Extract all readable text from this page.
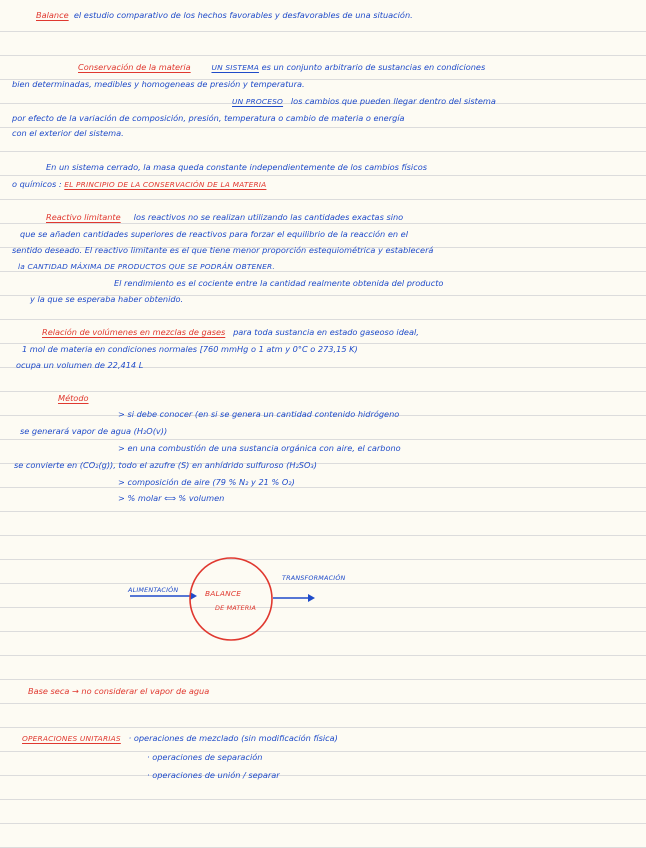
Balance el estudio comparativo de los hechos favorables y desfavorables de una situación.
Conservación de la materia	UN SISTEMA es un conjunto arbitrario de sustancias en condiciones
bien determinadas, medibles y homogeneas de presión y temperatura.
UN PROCESO los cambios que pueden llegar dentro del sistema
por efecto de la variación de composición, presión, temperatura o cambio de materia o energía
con el exterior del sistema.
En un sistema cerrado, la masa queda constante independientemente de los cambios físicos
o químicos : EL PRINCIPIO DE LA CONSERVACIÓN DE LA MATERIA
Reactivo limitante los reactivos no se realizan utilizando las cantidades exactas sino
que se añaden cantidades superiores de reactivos para forzar el equilibrio de la reacción en el
sentido deseado. El reactivo limitante es el que tiene menor proporción estequiométrica y establecerá
la CANTIDAD MÁXIMA DE PRODUCTOS QUE SE PODRÁN OBTENER.
El rendimiento es el cociente entre la cantidad realmente obtenida del producto
y la que se esperaba haber obtenido.
Relación de volúmenes en mezclas de gases para toda sustancia en estado gaseoso ideal,
1 mol de materia en condiciones normales [760 mmHg o 1 atm y 0°C o 273,15 K)
ocupa un volumen de 22,414 L
Método
> si debe conocer (en si se genera un cantidad contenido hidrógeno
se generará vapor de agua (H₂O(v))
> en una combustión de una sustancia orgánica con aire, el carbono
se convierte en (CO₂(g)), todo el azufre (S) en anhídrido sulfuroso (H₂SO₃)
> composición de aire (79 % N₂ y 21 % O₂)
> % molar ⟺ % volumen
ALIMENTACIÓN	BALANCE
DE MATERIA
TRANSFORMACIÓN
Base seca → no considerar el vapor de agua
OPERACIONES UNITARIAS · operaciones de mezclado (sin modificación física)
· operaciones de separación
· operaciones de unión / separar
